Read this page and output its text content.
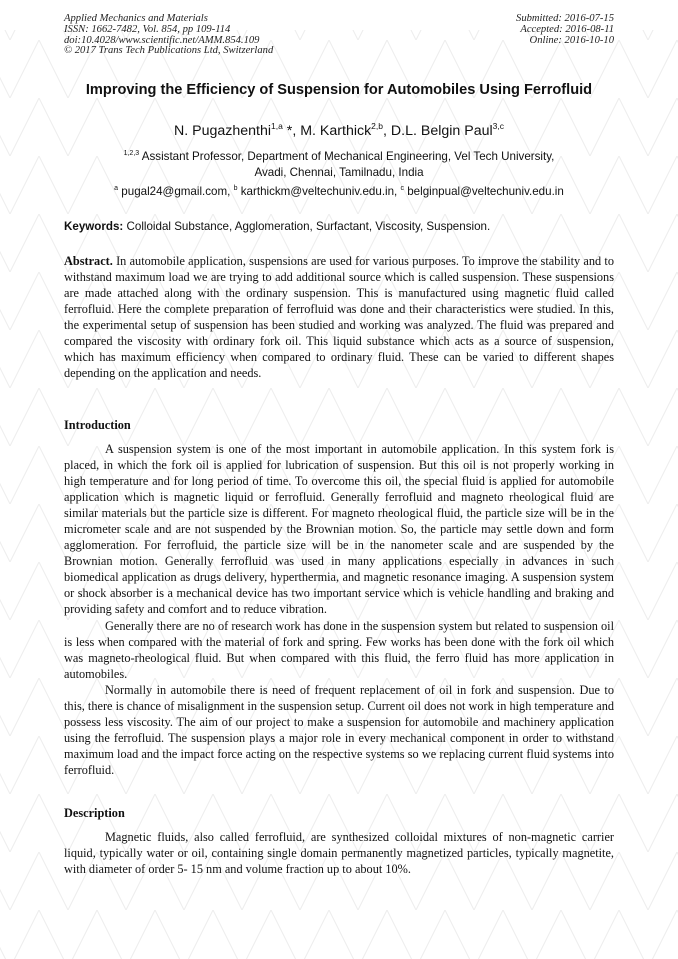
Applied Mechanics and Materials
ISSN: 1662-7482, Vol. 854, pp 109-114
doi:10.4028/www.scientific.net/AMM.854.109
© 2017 Trans Tech Publications Ltd, Switzerland
Submitted: 2016-07-15
Accepted: 2016-08-11
Online: 2016-10-10
Improving the Efficiency of Suspension for Automobiles Using Ferrofluid
N. Pugazhenthi$^{1,a}$ *, M. Karthick$^{2,b}$, D.L. Belgin Paul$^{3,c}$
$^{1,2,3}$ Assistant Professor, Department of Mechanical Engineering, Vel Tech University,
Avadi, Chennai, Tamilnadu, India
$^a$ pugal24@gmail.com, $^b$ karthickm@veltechuniv.edu.in, $^c$ belginpual@veltechuniv.edu.in
Keywords: Colloidal Substance, Agglomeration, Surfactant, Viscosity, Suspension.

Abstract. In automobile application, suspensions are used for various purposes. To improve the stability and to withstand maximum load we are trying to add additional source which is called suspension. These suspensions are made attached along with the ordinary suspension. This is manufactured using magnetic fluid called ferrofluid. Here the complete preparation of ferrofluid was done and their characteristics were studied. In this, the experimental setup of suspension has been studied and working was analyzed. The fluid was prepared and compared the viscosity with ordinary fork oil. This liquid substance which acts as a source of suspension, which has maximum efficiency when compared to ordinary fluid. These can be varied to different shapes depending on the application and needs.

Introduction

A suspension system is one of the most important in automobile application. In this system fork is placed, in which the fork oil is applied for lubrication of suspension. But this oil is not properly working in high temperature and for long period of time. To overcome this oil, the special fluid is applied for automobile application which is magnetic liquid or ferrofluid. Generally ferrofluid and magneto rheological fluid are similar materials but the particle size is different. For magneto rheological fluid, the particle size will be in the micrometer scale and are not suspended by the Brownian motion. So, the particle may settle down and form agglomeration. For ferrofluid, the particle size will be in the nanometer scale and are suspended by the Brownian motion. Generally ferrofluid was used in many applications especially in advances in such biomedical application as drugs delivery, hyperthermia, and magnetic resonance imaging. A suspension system or shock absorber is a mechanical device has two important service which is vehicle handling and braking and providing safety and comfort and to reduce vibration.

Generally there are no of research work has done in the suspension system but related to suspension oil is less when compared with the material of fork and spring. Few works has been done with the fork oil which was magneto-rheological fluid. But when compared with this fluid, the ferro fluid has more application in automobiles.

Normally in automobile there is need of frequent replacement of oil in fork and suspension. Due to this, there is chance of misalignment in the suspension setup. Current oil does not work in high temperature and possess less viscosity. The aim of our project to make a suspension for automobile and machinery application using the ferrofluid. The suspension plays a major role in every mechanical component in order to withstand maximum load and the impact force acting on the respective systems so we replacing current fluid systems into ferrofluid.

Description

Magnetic fluids, also called ferrofluid, are synthesized colloidal mixtures of non-magnetic carrier liquid, typically water or oil, containing single domain permanently magnetized particles, typically magnetite, with diameter of order 5- 15 nm and volume fraction up to about 10%.
